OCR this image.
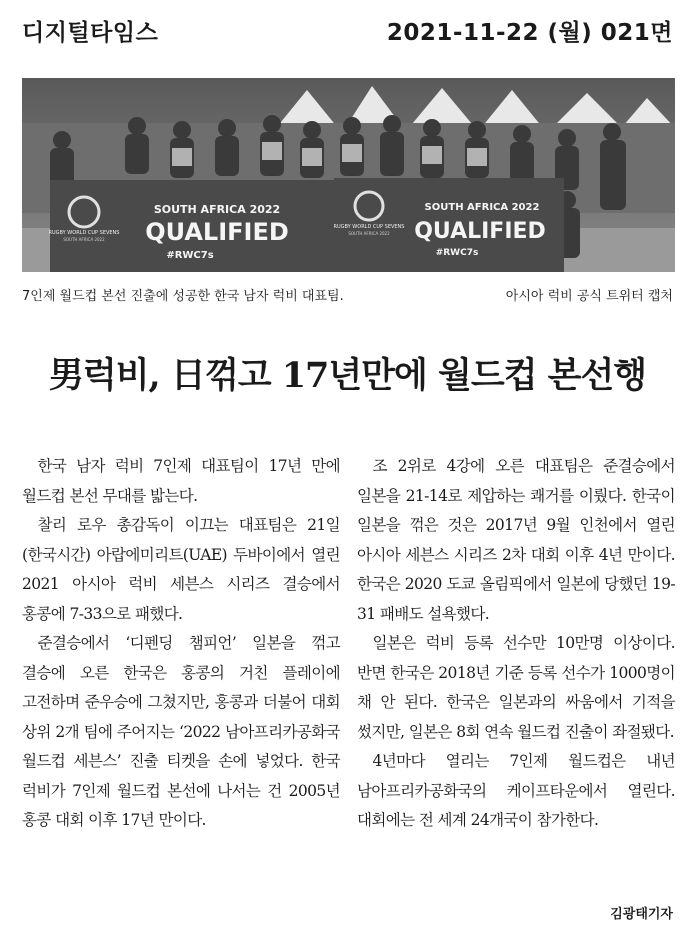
디지털타임스	2021-11-22 (월) 021면
RUGBY WORLD CUP SEVENS
SOUTH AFRICA 2022
SOUTH AFRICA 2022
QUALIFIED
#RWC7s
RUGBY WORLD CUP SEVENS
SOUTH AFRICA 2022
SOUTH AFRICA 2022
QUALIFIED
#RWC7s
7인제 월드컵 본선 진출에 성공한 한국 남자 럭비 대표팀.	아시아 럭비 공식 트위터 캡처
男럭비, 日꺾고 17년만에 월드컵 본선행

한국 남자 럭비 7인제 대표팀이 17년 만에 월드컵 본선 무대를 밟는다.

찰리 로우 총감독이 이끄는 대표팀은 21일(한국시간) 아랍에미리트(UAE) 두바이에서 열린 2021 아시아 럭비 세븐스 시리즈 결승에서 홍콩에 7-33으로 패했다.

준결승에서 ‘디펜딩 챔피언’ 일본을 꺾고 결승에 오른 한국은 홍콩의 거친 플레이에 고전하며 준우승에 그쳤지만, 홍콩과 더불어 대회 상위 2개 팀에 주어지는 ‘2022 남아프리카공화국 월드컵 세븐스’ 진출 티켓을 손에 넣었다. 한국 럭비가 7인제 월드컵 본선에 나서는 건 2005년 홍콩 대회 이후 17년 만이다.

조 2위로 4강에 오른 대표팀은 준결승에서 일본을 21-14로 제압하는 쾌거를 이뤘다. 한국이 일본을 꺾은 것은 2017년 9월 인천에서 열린 아시아 세븐스 시리즈 2차 대회 이후 4년 만이다. 한국은 2020 도쿄 올림픽에서 일본에 당했던 19-31 패배도 설욕했다.

일본은 럭비 등록 선수만 10만명 이상이다. 반면 한국은 2018년 기준 등록 선수가 1000명이 채 안 된다. 한국은 일본과의 싸움에서 기적을 썼지만, 일본은 8회 연속 월드컵 진출이 좌절됐다.

4년마다 열리는 7인제 월드컵은 내년 남아프리카공화국의 케이프타운에서 열린다. 대회에는 전 세계 24개국이 참가한다.

김광태기자
